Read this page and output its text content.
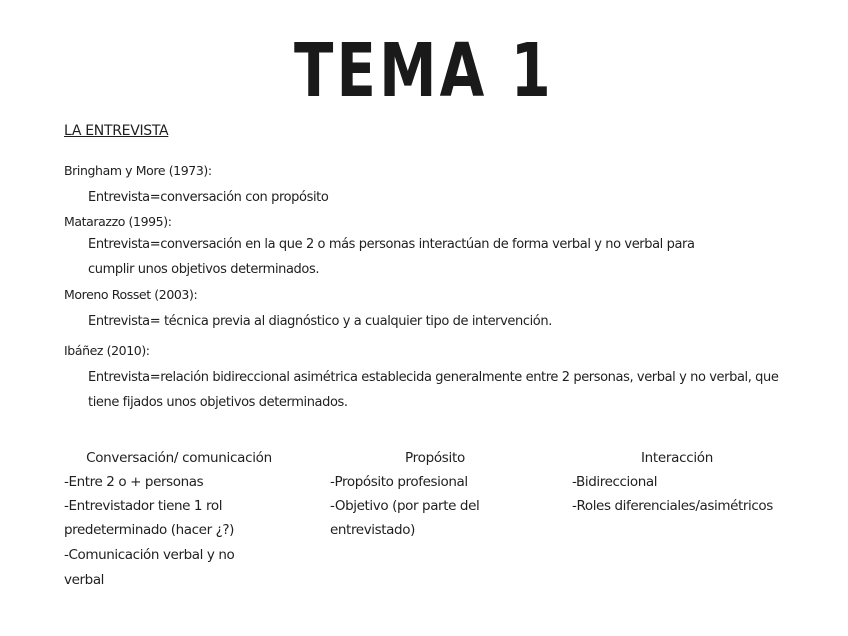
TEMA 1
LA ENTREVISTA
Bringham y More (1973):
Entrevista=conversación con propósito
Matarazzo (1995):
Entrevista=conversación en la que 2 o más personas interactúan de forma verbal y no verbal para
cumplir unos objetivos determinados.
Moreno Rosset (2003):
Entrevista= técnica previa al diagnóstico y a cualquier tipo de intervención.
Ibáñez (2010):
Entrevista=relación bidireccional asimétrica establecida generalmente entre 2 personas, verbal y no verbal, que
tiene fijados unos objetivos determinados.
Conversación/ comunicación
-Entre 2 o + personas
-Entrevistador tiene 1 rol
predeterminado (hacer ¿?)
-Comunicación verbal y no
verbal
Propósito
-Propósito profesional
-Objetivo (por parte del
entrevistado)
Interacción
-Bidireccional
-Roles diferenciales/asimétricos
